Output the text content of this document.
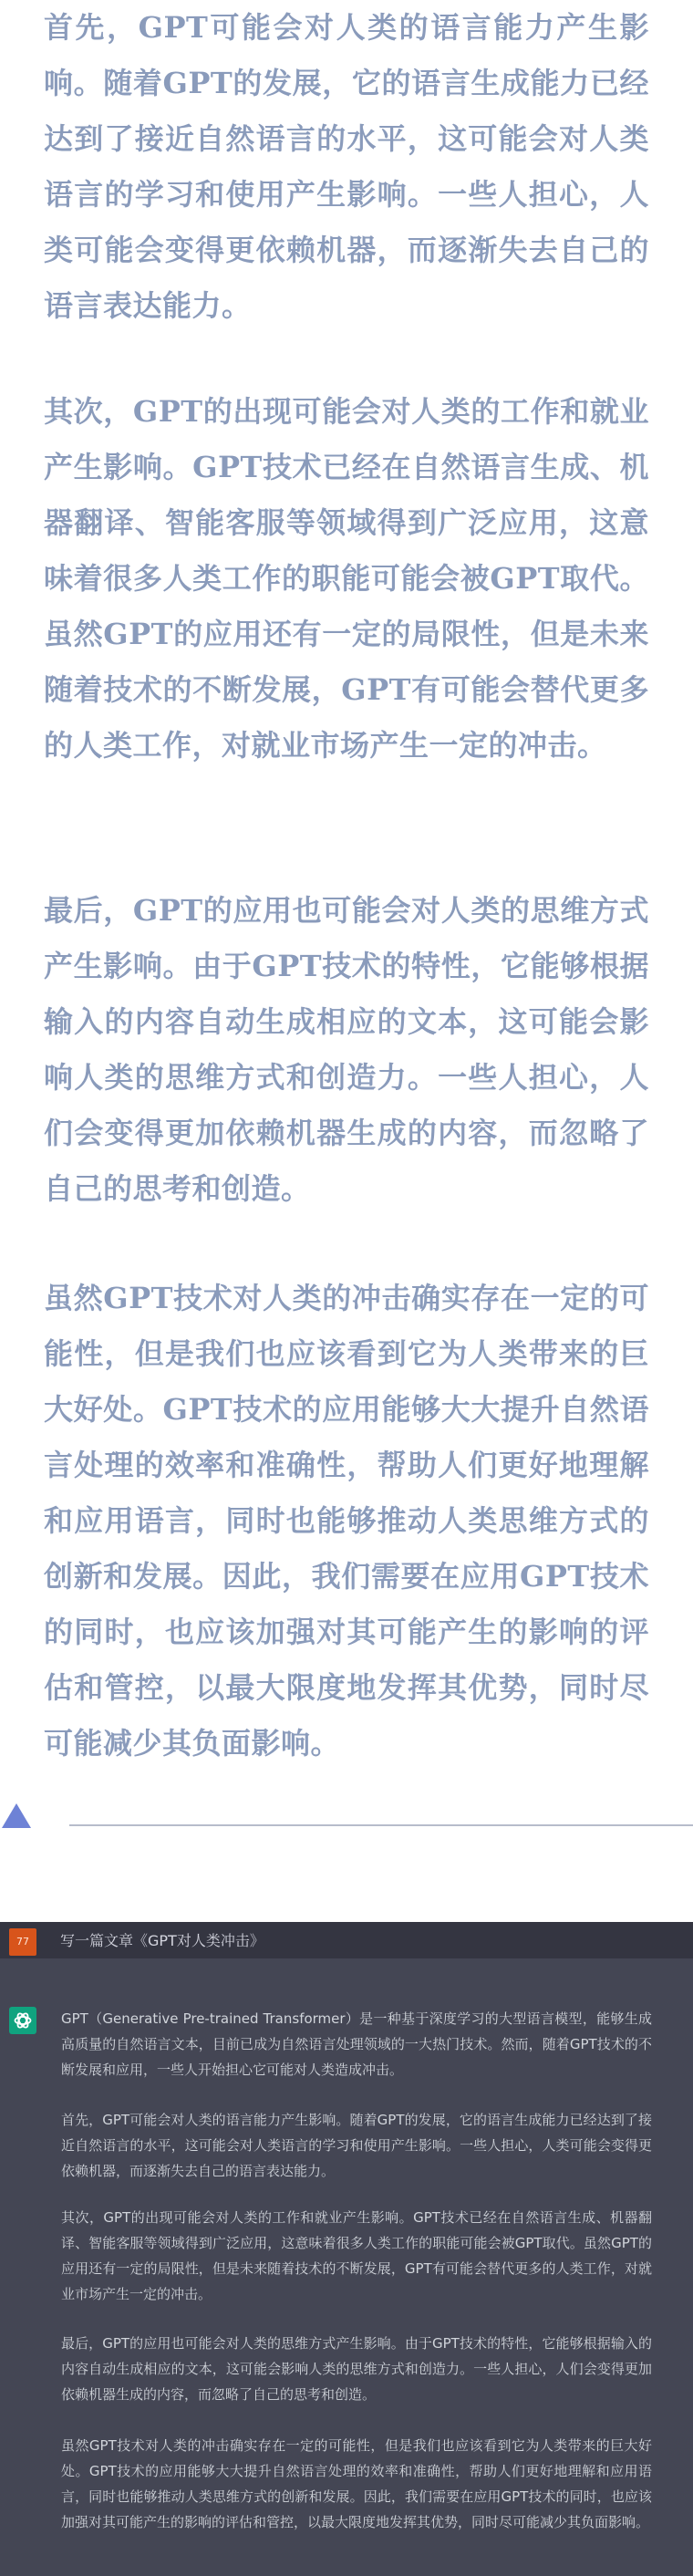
首先，GPT可能会对人类的语言能力产生影响。随着GPT的发展，它的语言生成能力已经达到了接近自然语言的水平，这可能会对人类语言的学习和使用产生影响。一些人担心，人类可能会变得更依赖机器，而逐渐失去自己的语言表达能力。

其次，GPT的出现可能会对人类的工作和就业产生影响。GPT技术已经在自然语言生成、机器翻译、智能客服等领域得到广泛应用，这意味着很多人类工作的职能可能会被GPT取代。虽然GPT的应用还有一定的局限性，但是未来随着技术的不断发展，GPT有可能会替代更多的人类工作，对就业市场产生一定的冲击。

最后，GPT的应用也可能会对人类的思维方式产生影响。由于GPT技术的特性，它能够根据输入的内容自动生成相应的文本，这可能会影响人类的思维方式和创造力。一些人担心，人们会变得更加依赖机器生成的内容，而忽略了自己的思考和创造。

虽然GPT技术对人类的冲击确实存在一定的可能性，但是我们也应该看到它为人类带来的巨大好处。GPT技术的应用能够大大提升自然语言处理的效率和准确性，帮助人们更好地理解和应用语言，同时也能够推动人类思维方式的创新和发展。因此，我们需要在应用GPT技术的同时，也应该加强对其可能产生的影响的评估和管控，以最大限度地发挥其优势，同时尽可能减少其负面影响。

77	写一篇文章《GPT对人类冲击》

GPT（Generative Pre-trained Transformer）是一种基于深度学习的大型语言模型，能够生成高质量的自然语言文本，目前已成为自然语言处理领域的一大热门技术。然而，随着GPT技术的不断发展和应用，一些人开始担心它可能对人类造成冲击。

首先，GPT可能会对人类的语言能力产生影响。随着GPT的发展，它的语言生成能力已经达到了接近自然语言的水平，这可能会对人类语言的学习和使用产生影响。一些人担心，人类可能会变得更依赖机器，而逐渐失去自己的语言表达能力。

其次，GPT的出现可能会对人类的工作和就业产生影响。GPT技术已经在自然语言生成、机器翻译、智能客服等领域得到广泛应用，这意味着很多人类工作的职能可能会被GPT取代。虽然GPT的应用还有一定的局限性，但是未来随着技术的不断发展，GPT有可能会替代更多的人类工作，对就业市场产生一定的冲击。

最后，GPT的应用也可能会对人类的思维方式产生影响。由于GPT技术的特性，它能够根据输入的内容自动生成相应的文本，这可能会影响人类的思维方式和创造力。一些人担心，人们会变得更加依赖机器生成的内容，而忽略了自己的思考和创造。

虽然GPT技术对人类的冲击确实存在一定的可能性，但是我们也应该看到它为人类带来的巨大好处。GPT技术的应用能够大大提升自然语言处理的效率和准确性，帮助人们更好地理解和应用语言，同时也能够推动人类思维方式的创新和发展。因此，我们需要在应用GPT技术的同时，也应该加强对其可能产生的影响的评估和管控，以最大限度地发挥其优势，同时尽可能减少其负面影响。
